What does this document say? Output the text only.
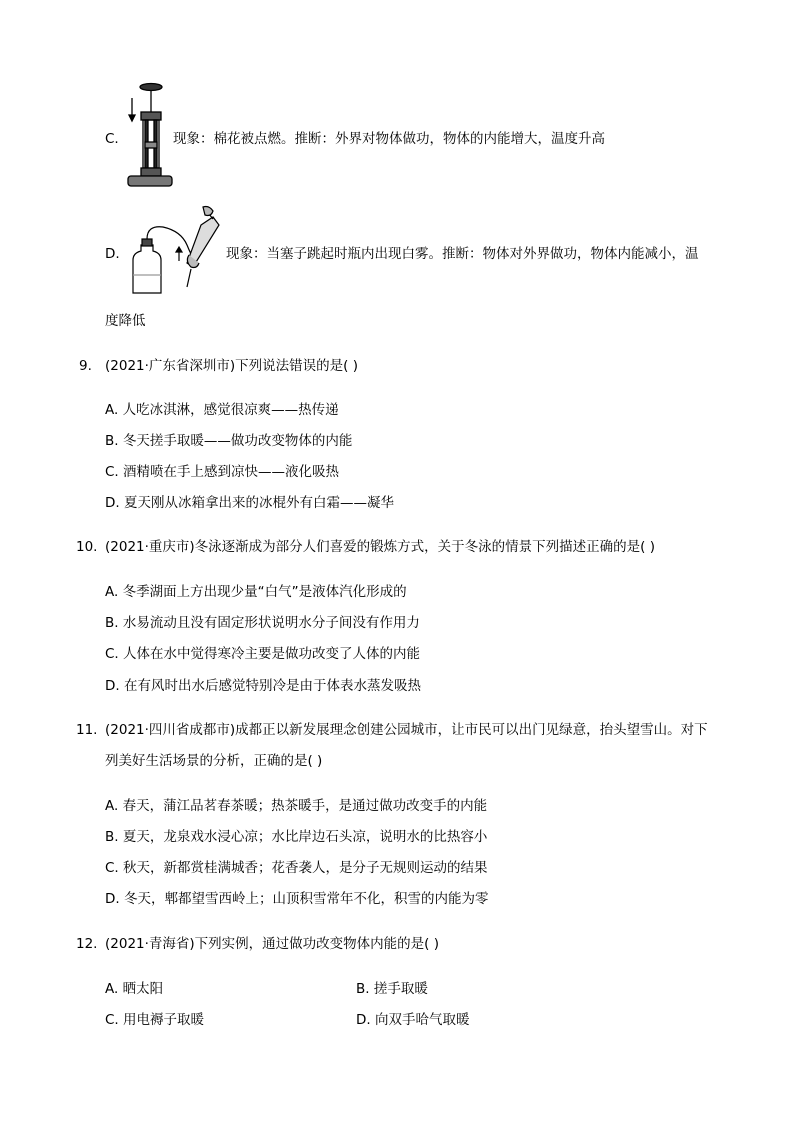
C.	现象：棉花被点燃。推断：外界对物体做功，物体的内能增大，温度升高
D.	现象：当塞子跳起时瓶内出现白雾。推断：物体对外界做功，物体内能减小，温
度降低
9. (2021·广东省深圳市)下列说法错误的是( )
A. 人吃冰淇淋，感觉很凉爽——热传递
B. 冬天搓手取暖——做功改变物体的内能
C. 酒精喷在手上感到凉快——液化吸热
D. 夏天刚从冰箱拿出来的冰棍外有白霜——凝华
10. (2021·重庆市)冬泳逐渐成为部分人们喜爱的锻炼方式，关于冬泳的情景下列描述正确的是( )
A. 冬季湖面上方出现少量“白气”是液体汽化形成的
B. 水易流动且没有固定形状说明水分子间没有作用力
C. 人体在水中觉得寒冷主要是做功改变了人体的内能
D. 在有风时出水后感觉特别冷是由于体表水蒸发吸热
11. (2021·四川省成都市)成都正以新发展理念创建公园城市，让市民可以出门见绿意，抬头望雪山。对下
列美好生活场景的分析，正确的是( )
A. 春天，蒲江品茗春茶暖；热茶暖手，是通过做功改变手的内能
B. 夏天，龙泉戏水浸心凉；水比岸边石头凉，说明水的比热容小
C. 秋天，新都赏桂满城香；花香袭人，是分子无规则运动的结果
D. 冬天，郫都望雪西岭上；山顶积雪常年不化，积雪的内能为零
12. (2021·青海省)下列实例，通过做功改变物体内能的是( )
A. 晒太阳	B. 搓手取暖
C. 用电褥子取暖	D. 向双手哈气取暖
